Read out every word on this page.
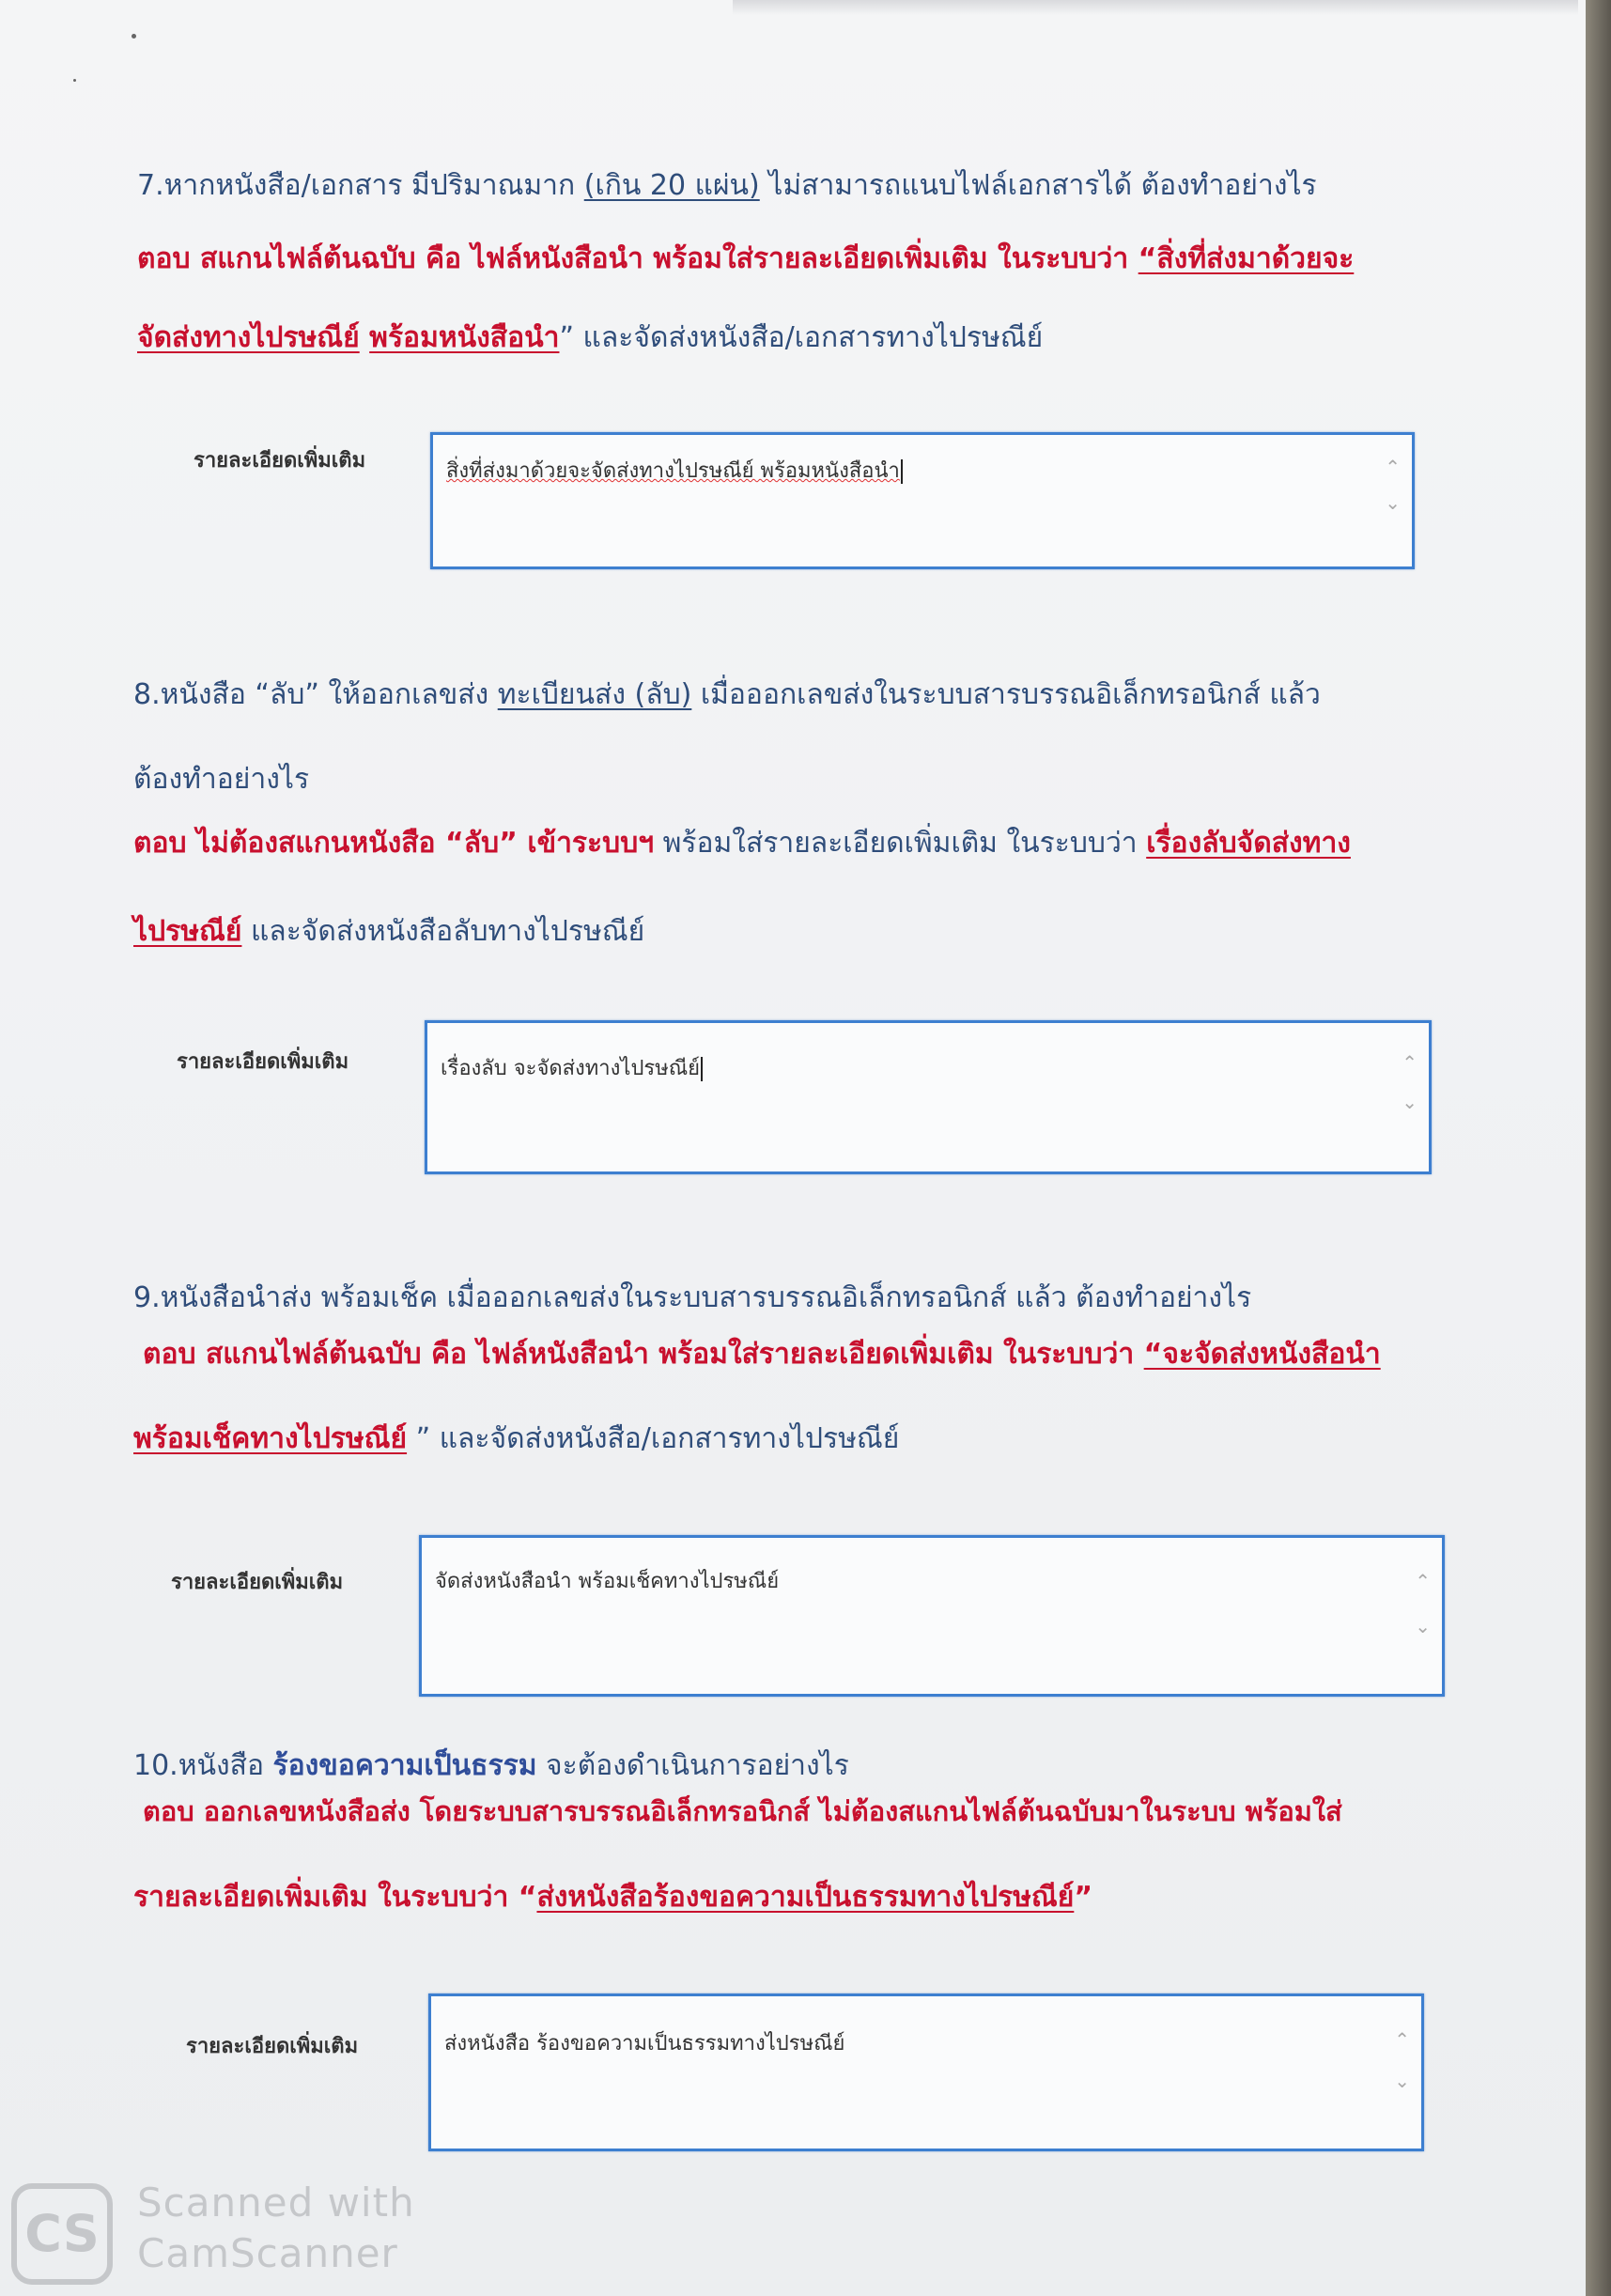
7.หากหนังสือ/เอกสาร มีปริมาณมาก (เกิน 20 แผ่น) ไม่สามารถแนบไฟล์เอกสารได้ ต้องทำอย่างไร
ตอบ สแกนไฟล์ต้นฉบับ คือ ไฟล์หนังสือนำ พร้อมใส่รายละเอียดเพิ่มเติม ในระบบว่า “สิ่งที่ส่งมาด้วยจะ
จัดส่งทางไปรษณีย์ พร้อมหนังสือนำ” และจัดส่งหนังสือ/เอกสารทางไปรษณีย์
รายละเอียดเพิ่มเติม	สิ่งที่ส่งมาด้วยจะจัดส่งทางไปรษณีย์ พร้อมหนังสือนำ	⌃
⌄
8.หนังสือ “ลับ” ให้ออกเลขส่ง ทะเบียนส่ง (ลับ) เมื่อออกเลขส่งในระบบสารบรรณอิเล็กทรอนิกส์ แล้ว
ต้องทำอย่างไร
ตอบ ไม่ต้องสแกนหนังสือ “ลับ” เข้าระบบฯ พร้อมใส่รายละเอียดเพิ่มเติม ในระบบว่า เรื่องลับจัดส่งทาง
ไปรษณีย์ และจัดส่งหนังสือลับทางไปรษณีย์
รายละเอียดเพิ่มเติม	เรื่องลับ จะจัดส่งทางไปรษณีย์	⌃
⌄
9.หนังสือนำส่ง พร้อมเช็ค เมื่อออกเลขส่งในระบบสารบรรณอิเล็กทรอนิกส์ แล้ว ต้องทำอย่างไร
ตอบ สแกนไฟล์ต้นฉบับ คือ ไฟล์หนังสือนำ พร้อมใส่รายละเอียดเพิ่มเติม ในระบบว่า “จะจัดส่งหนังสือนำ
พร้อมเช็คทางไปรษณีย์ ” และจัดส่งหนังสือ/เอกสารทางไปรษณีย์
รายละเอียดเพิ่มเติม	จัดส่งหนังสือนำ พร้อมเช็คทางไปรษณีย์	⌃
⌄
10.หนังสือ ร้องขอความเป็นธรรม จะต้องดำเนินการอย่างไร
ตอบ ออกเลขหนังสือส่ง โดยระบบสารบรรณอิเล็กทรอนิกส์ ไม่ต้องสแกนไฟล์ต้นฉบับมาในระบบ พร้อมใส่
รายละเอียดเพิ่มเติม ในระบบว่า “ส่งหนังสือร้องขอความเป็นธรรมทางไปรษณีย์”
รายละเอียดเพิ่มเติม	ส่งหนังสือ ร้องขอความเป็นธรรมทางไปรษณีย์	⌃
⌄
CS
Scanned with
CamScanner
